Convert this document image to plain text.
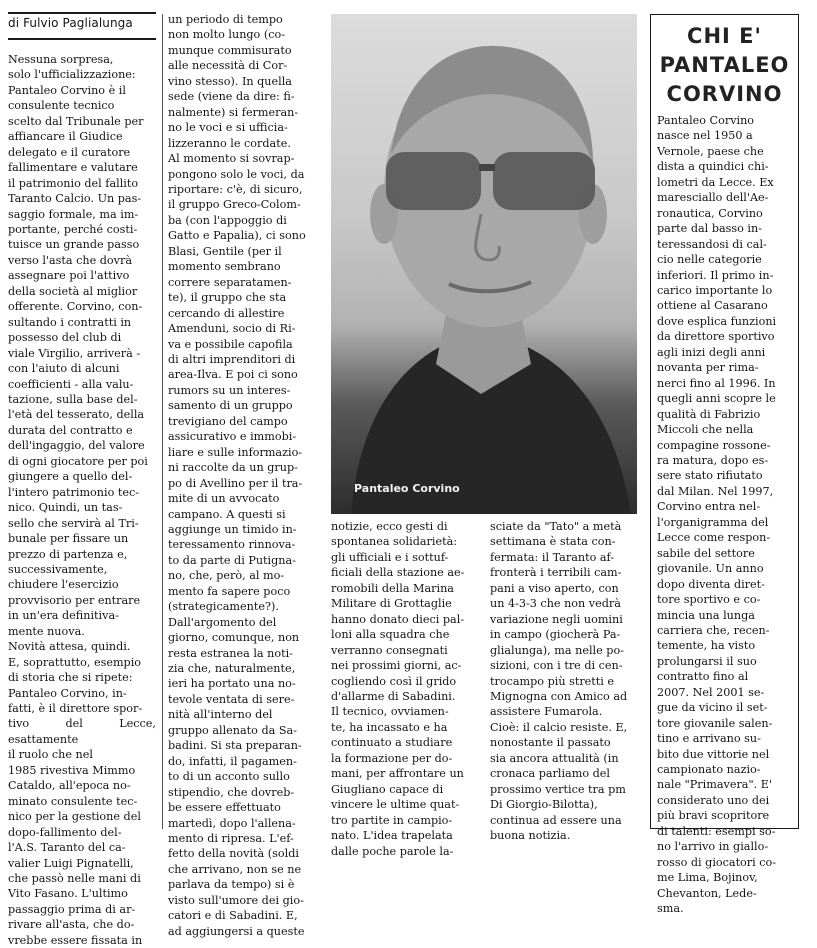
di Fulvio Paglialunga

Nessuna sorpresa,
solo l'ufficializzazione:
Pantaleo Corvino è il
consulente tecnico
scelto dal Tribunale per
affiancare il Giudice
delegato e il curatore
fallimentare e valutare
il patrimonio del fallito
Taranto Calcio. Un pas-
saggio formale, ma im-
portante, perché costi-
tuisce un grande passo
verso l'asta che dovrà
assegnare poi l'attivo
della società al miglior
offerente. Corvino, con-
sultando i contratti in
possesso del club di
viale Virgilio, arriverà -
con l'aiuto di alcuni
coefficienti - alla valu-
tazione, sulla base del-
l'età del tesserato, della
durata del contratto e
dell'ingaggio, del valore
di ogni giocatore per poi
giungere a quello del-
l'intero patrimonio tec-
nico. Quindi, un tas-
sello che servirà al Tri-
bunale per fissare un
prezzo di partenza e,
successivamente,
chiudere l'esercizio
provvisorio per entrare
in un'era definitiva-
mente nuova.
Novità attesa, quindi.
E, soprattutto, esempio
di storia che si ripete:
Pantaleo Corvino, in-
fatti, è il direttore spor-
tivo del Lecce, esattamente
il ruolo che nel
1985 rivestiva Mimmo
Cataldo, all'epoca no-
minato consulente tec-
nico per la gestione del
dopo-fallimento del-
l'A.S. Taranto del ca-
valier Luigi Pignatelli,
che passò nelle mani di
Vito Fasano. L'ultimo
passaggio prima di ar-
rivare all'asta, che do-
vrebbe essere fissata in

un periodo di tempo
non molto lungo (co-
munque commisurato
alle necessità di Cor-
vino stesso). In quella
sede (viene da dire: fi-
nalmente) si fermeran-
no le voci e si ufficia-
lizzeranno le cordate.
Al momento si sovrap-
pongono solo le voci, da
riportare: c'è, di sicuro,
il gruppo Greco-Colom-
ba (con l'appoggio di
Gatto e Papalia), ci sono
Blasi, Gentile (per il
momento sembrano
correre separatamen-
te), il gruppo che sta
cercando di allestire
Amenduni, socio di Ri-
va e possibile capofila
di altri imprenditori di
area-Ilva. E poi ci sono
rumors su un interes-
samento di un gruppo
trevigiano del campo
assicurativo e immobi-
liare e sulle informazio-
ni raccolte da un grup-
po di Avellino per il tra-
mite di un avvocato
campano. A questi si
aggiunge un timido in-
teressamento rinnova-
to da parte di Putigna-
no, che, però, al mo-
mento fa sapere poco
(strategicamente?).
Dall'argomento del
giorno, comunque, non
resta estranea la noti-
zia che, naturalmente,
ieri ha portato una no-
tevole ventata di sere-
nità all'interno del
gruppo allenato da Sa-
badini. Si sta preparan-
do, infatti, il pagamen-
to di un acconto sullo
stipendio, che dovreb-
be essere effettuato
martedì, dopo l'allena-
mento di ripresa. L'ef-
fetto della novità (soldi
che arrivano, non se ne
parlava da tempo) si è
visto sull'umore dei gio-
catori e di Sabadini. E,
ad aggiungersi a queste

Pantaleo Corvino

notizie, ecco gesti di
spontanea solidarietà:
gli ufficiali e i sottuf-
ficiali della stazione ae-
romobili della Marina
Militare di Grottaglie
hanno donato dieci pal-
loni alla squadra che
verranno consegnati
nei prossimi giorni, ac-
cogliendo così il grido
d'allarme di Sabadini.
Il tecnico, ovviamen-
te, ha incassato e ha
continuato a studiare
la formazione per do-
mani, per affrontare un
Giugliano capace di
vincere le ultime quat-
tro partite in campio-
nato. L'idea trapelata
dalle poche parole la-

sciate da "Tato" a metà
settimana è stata con-
fermata: il Taranto af-
fronterà i terribili cam-
pani a viso aperto, con
un 4-3-3 che non vedrà
variazione negli uomini
in campo (giocherà Pa-
glialunga), ma nelle po-
sizioni, con i tre di cen-
trocampo più stretti e
Mignogna con Amico ad
assistere Fumarola.
Cioè: il calcio resiste. E,
nonostante il passato
sia ancora attualità (in
cronaca parliamo del
prossimo vertice tra pm
Di Giorgio-Bilotta),
continua ad essere una
buona notizia.

CHI E'
PANTALEO
CORVINO

Pantaleo Corvino
nasce nel 1950 a
Vernole, paese che
dista a quindici chi-
lometri da Lecce. Ex
maresciallo dell'Ae-
ronautica, Corvino
parte dal basso in-
teressandosi di cal-
cio nelle categorie
inferiori. Il primo in-
carico importante lo
ottiene al Casarano
dove esplica funzioni
da direttore sportivo
agli inizi degli anni
novanta per rima-
nerci fino al 1996. In
quegli anni scopre le
qualità di Fabrizio
Miccoli che nella
compagine rossone-
ra matura, dopo es-
sere stato rifiutato
dal Milan. Nel 1997,
Corvino entra nel-
l'organigramma del
Lecce come respon-
sabile del settore
giovanile. Un anno
dopo diventa diret-
tore sportivo e co-
mincia una lunga
carriera che, recen-
temente, ha visto
prolungarsi il suo
contratto fino al
2007. Nel 2001 se-
gue da vicino il set-
tore giovanile salen-
tino e arrivano su-
bito due vittorie nel
campionato nazio-
nale "Primavera". E'
considerato uno dei
più bravi scopritore
di talenti: esempi so-
no l'arrivo in giallo-
rosso di giocatori co-
me Lima, Bojinov,
Chevanton, Lede-
sma.
